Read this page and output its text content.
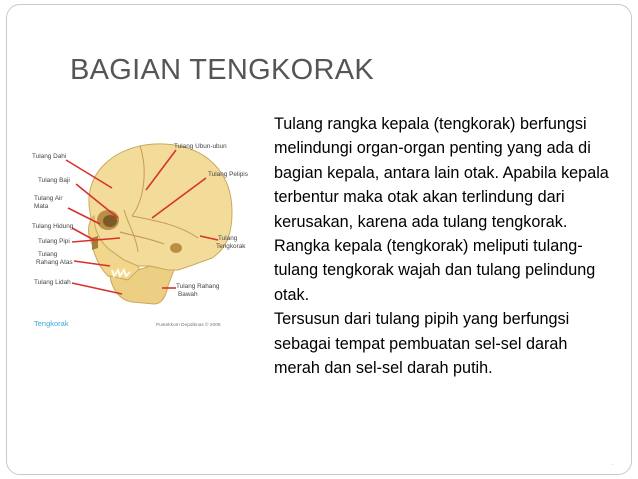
BAGIAN TENGKORAK
Tulang Ubun-ubun
Tulang Dahi
Tulang Pelipis
Tulang Baji
Tulang Air
Mata
Tulang Hidung
Tulang
Tengkorak
Tulang Pipi
Tulang
Rahang Atas
Tulang Lidah
Tulang Rahang
Bawah
Tengkorak	Pustekkom Depdiknas © 2006

Tulang rangka kepala (tengkorak) berfungsi melindungi organ-organ penting yang ada di bagian kepala, antara lain otak. Apabila kepala terbentur maka otak akan terlindung dari kerusakan, karena ada tulang tengkorak. Rangka kepala (tengkorak) meliputi tulang-tulang tengkorak wajah dan tulang pelindung otak.

Tersusun dari tulang pipih yang berfungsi sebagai tempat pembuatan sel-sel darah merah dan sel-sel darah putih.

·
